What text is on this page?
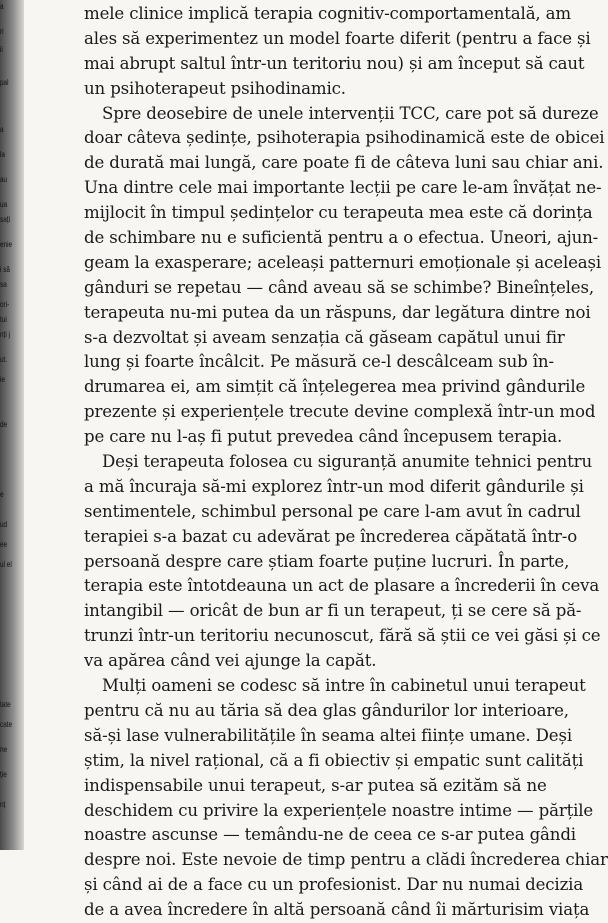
a
ri
ii
pal
a
la
au
ua
sați
enie
i să
sa
ori-
tui
nți j
ut.
ie
de
e
ud
ee
ul el
tate
cate
ne
ție
nț
mele clinice implică terapia cognitiv-comportamentală, am
ales să experimentez un model foarte diferit (pentru a face și
mai abrupt saltul într-un teritoriu nou) și am început să caut
un psihoterapeut psihodinamic.
Spre deosebire de unele intervenții TCC, care pot să dureze
doar câteva ședințe, psihoterapia psihodinamică este de obicei
de durată mai lungă, care poate fi de câteva luni sau chiar ani.
Una dintre cele mai importante lecții pe care le-am învățat ne-
mijlocit în timpul ședințelor cu terapeuta mea este că dorința
de schimbare nu e suficientă pentru a o efectua. Uneori, ajun-
geam la exasperare; aceleași patternuri emoționale și aceleași
gânduri se repetau — când aveau să se schimbe? Bineînțeles,
terapeuta nu-mi putea da un răspuns, dar legătura dintre noi
s-a dezvoltat și aveam senzația că găseam capătul unui fir
lung și foarte încâlcit. Pe măsură ce-l descâlceam sub în-
drumarea ei, am simțit că înțelegerea mea privind gândurile
prezente și experiențele trecute devine complexă într-un mod
pe care nu l-aș fi putut prevedea când începusem terapia.
Deși terapeuta folosea cu siguranță anumite tehnici pentru
a mă încuraja să-mi explorez într-un mod diferit gândurile și
sentimentele, schimbul personal pe care l-am avut în cadrul
terapiei s-a bazat cu adevărat pe încrederea căpătată într-o
persoană despre care știam foarte puține lucruri. În parte,
terapia este întotdeauna un act de plasare a încrederii în ceva
intangibil — oricât de bun ar fi un terapeut, ți se cere să pă-
trunzi într-un teritoriu necunoscut, fără să știi ce vei găsi și ce
va apărea când vei ajunge la capăt.
Mulți oameni se codesc să intre în cabinetul unui terapeut
pentru că nu au tăria să dea glas gândurilor lor interioare,
să-și lase vulnerabilitățile în seama altei ființe umane. Deși
știm, la nivel rațional, că a fi obiectiv și empatic sunt calități
indispensabile unui terapeut, s-ar putea să ezităm să ne
deschidem cu privire la experiențele noastre intime — părțile
noastre ascunse — temându-ne de ceea ce s-ar putea gândi
despre noi. Este nevoie de timp pentru a clădi încrederea chiar
și când ai de a face cu un profesionist. Dar nu numai decizia
de a avea încredere în altă persoană când îi mărturisim viața
